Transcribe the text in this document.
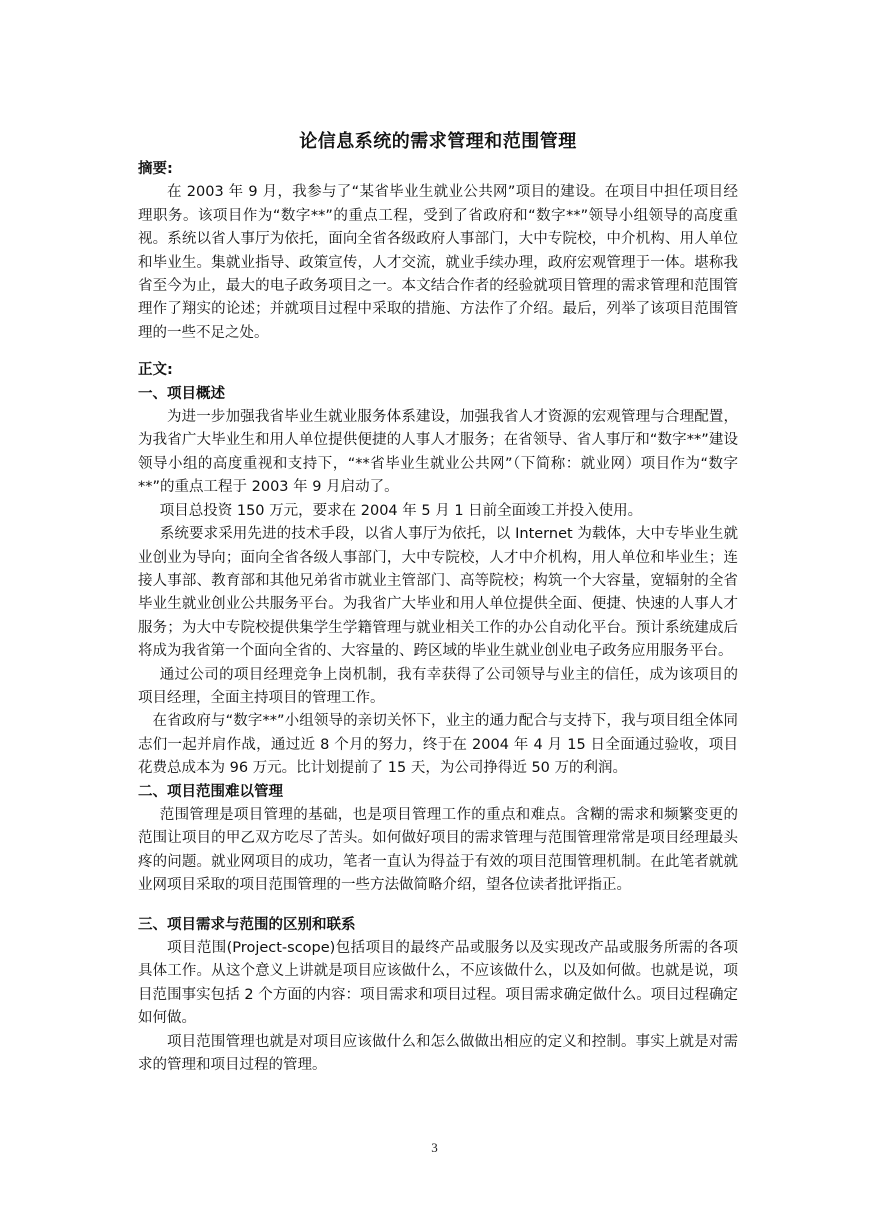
论信息系统的需求管理和范围管理

摘要:

在 2003 年 9 月，我参与了“某省毕业生就业公共网”项目的建设。在项目中担任项目经理职务。该项目作为“数字**”的重点工程，受到了省政府和“数字**”领导小组领导的高度重视。系统以省人事厅为依托，面向全省各级政府人事部门，大中专院校，中介机构、用人单位和毕业生。集就业指导、政策宣传，人才交流，就业手续办理，政府宏观管理于一体。堪称我省至今为止，最大的电子政务项目之一。本文结合作者的经验就项目管理的需求管理和范围管理作了翔实的论述；并就项目过程中采取的措施、方法作了介绍。最后，列举了该项目范围管理的一些不足之处。

正文:

一、项目概述

为进一步加强我省毕业生就业服务体系建设，加强我省人才资源的宏观管理与合理配置，为我省广大毕业生和用人单位提供便捷的人事人才服务；在省领导、省人事厅和“数字**”建设领导小组的高度重视和支持下，“**省毕业生就业公共网”（下简称：就业网）项目作为“数字**”的重点工程于 2003 年 9 月启动了。

项目总投资 150 万元，要求在 2004 年 5 月 1 日前全面竣工并投入使用。

系统要求采用先进的技术手段，以省人事厅为依托，以 Internet 为载体，大中专毕业生就业创业为导向；面向全省各级人事部门，大中专院校，人才中介机构，用人单位和毕业生；连接人事部、教育部和其他兄弟省市就业主管部门、高等院校；构筑一个大容量，宽辐射的全省毕业生就业创业公共服务平台。为我省广大毕业和用人单位提供全面、便捷、快速的人事人才服务；为大中专院校提供集学生学籍管理与就业相关工作的办公自动化平台。预计系统建成后将成为我省第一个面向全省的、大容量的、跨区域的毕业生就业创业电子政务应用服务平台。

通过公司的项目经理竞争上岗机制，我有幸获得了公司领导与业主的信任，成为该项目的项目经理，全面主持项目的管理工作。

在省政府与“数字**”小组领导的亲切关怀下，业主的通力配合与支持下，我与项目组全体同志们一起并肩作战，通过近 8 个月的努力，终于在 2004 年 4 月 15 日全面通过验收，项目花费总成本为 96 万元。比计划提前了 15 天，为公司挣得近 50 万的利润。

二、项目范围难以管理

范围管理是项目管理的基础，也是项目管理工作的重点和难点。含糊的需求和频繁变更的范围让项目的甲乙双方吃尽了苦头。如何做好项目的需求管理与范围管理常常是项目经理最头疼的问题。就业网项目的成功，笔者一直认为得益于有效的项目范围管理机制。在此笔者就就业网项目采取的项目范围管理的一些方法做简略介绍，望各位读者批评指正。

三、项目需求与范围的区别和联系

项目范围(Project-scope)包括项目的最终产品或服务以及实现改产品或服务所需的各项具体工作。从这个意义上讲就是项目应该做什么，不应该做什么，以及如何做。也就是说，项目范围事实包括 2 个方面的内容：项目需求和项目过程。项目需求确定做什么。项目过程确定如何做。

项目范围管理也就是对项目应该做什么和怎么做做出相应的定义和控制。事实上就是对需求的管理和项目过程的管理。

3
